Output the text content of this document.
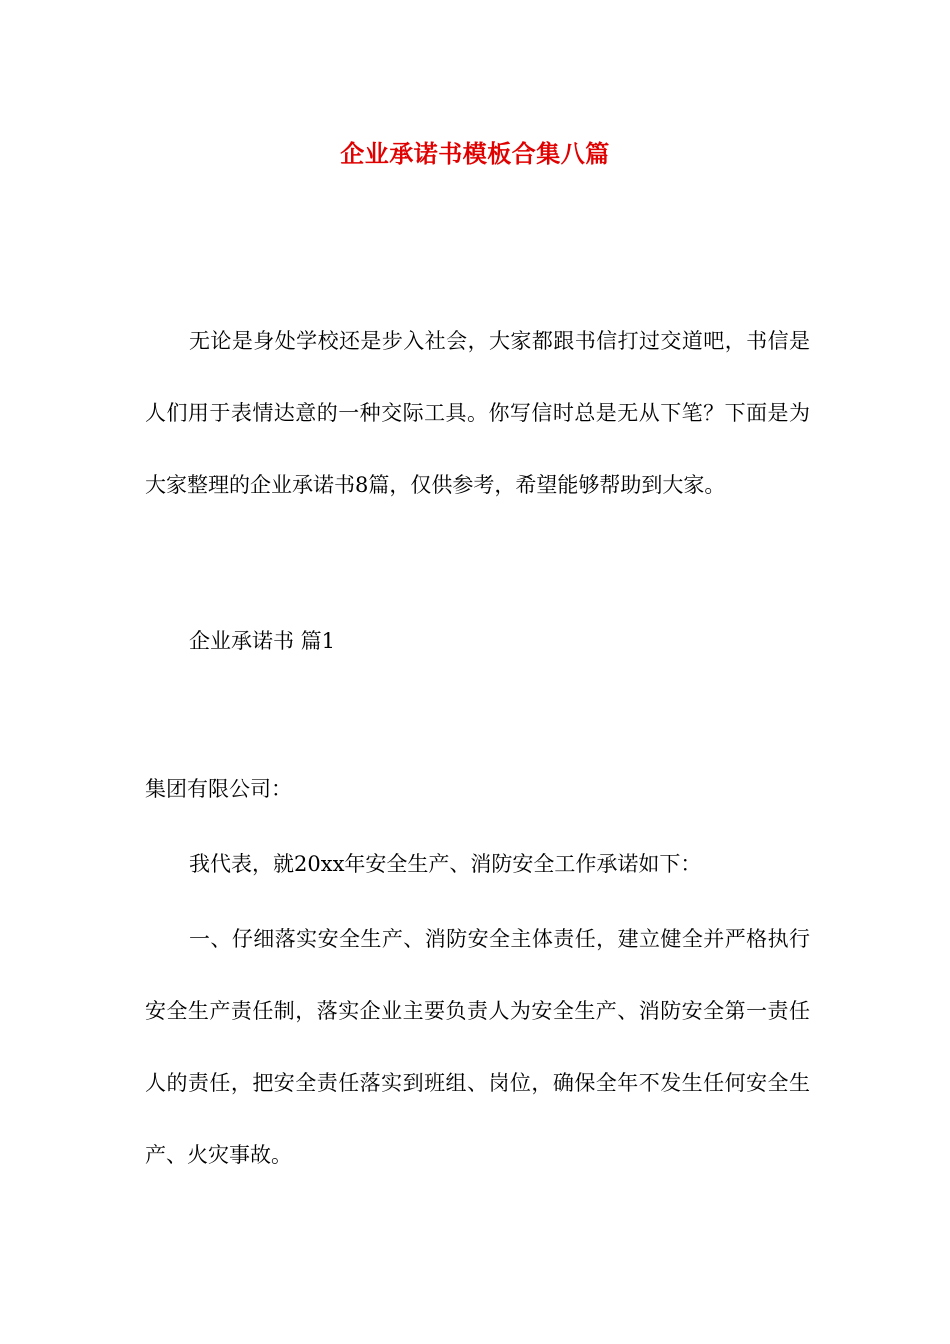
企业承诺书模板合集八篇

无论是身处学校还是步入社会，大家都跟书信打过交道吧，书信是人们用于表情达意的一种交际工具。你写信时总是无从下笔？下面是为大家整理的企业承诺书8篇，仅供参考，希望能够帮助到大家。

企业承诺书 篇1

集团有限公司：

我代表，就20xx年安全生产、消防安全工作承诺如下：

一、仔细落实安全生产、消防安全主体责任，建立健全并严格执行安全生产责任制，落实企业主要负责人为安全生产、消防安全第一责任人的责任，把安全责任落实到班组、岗位，确保全年不发生任何安全生产、火灾事故。
